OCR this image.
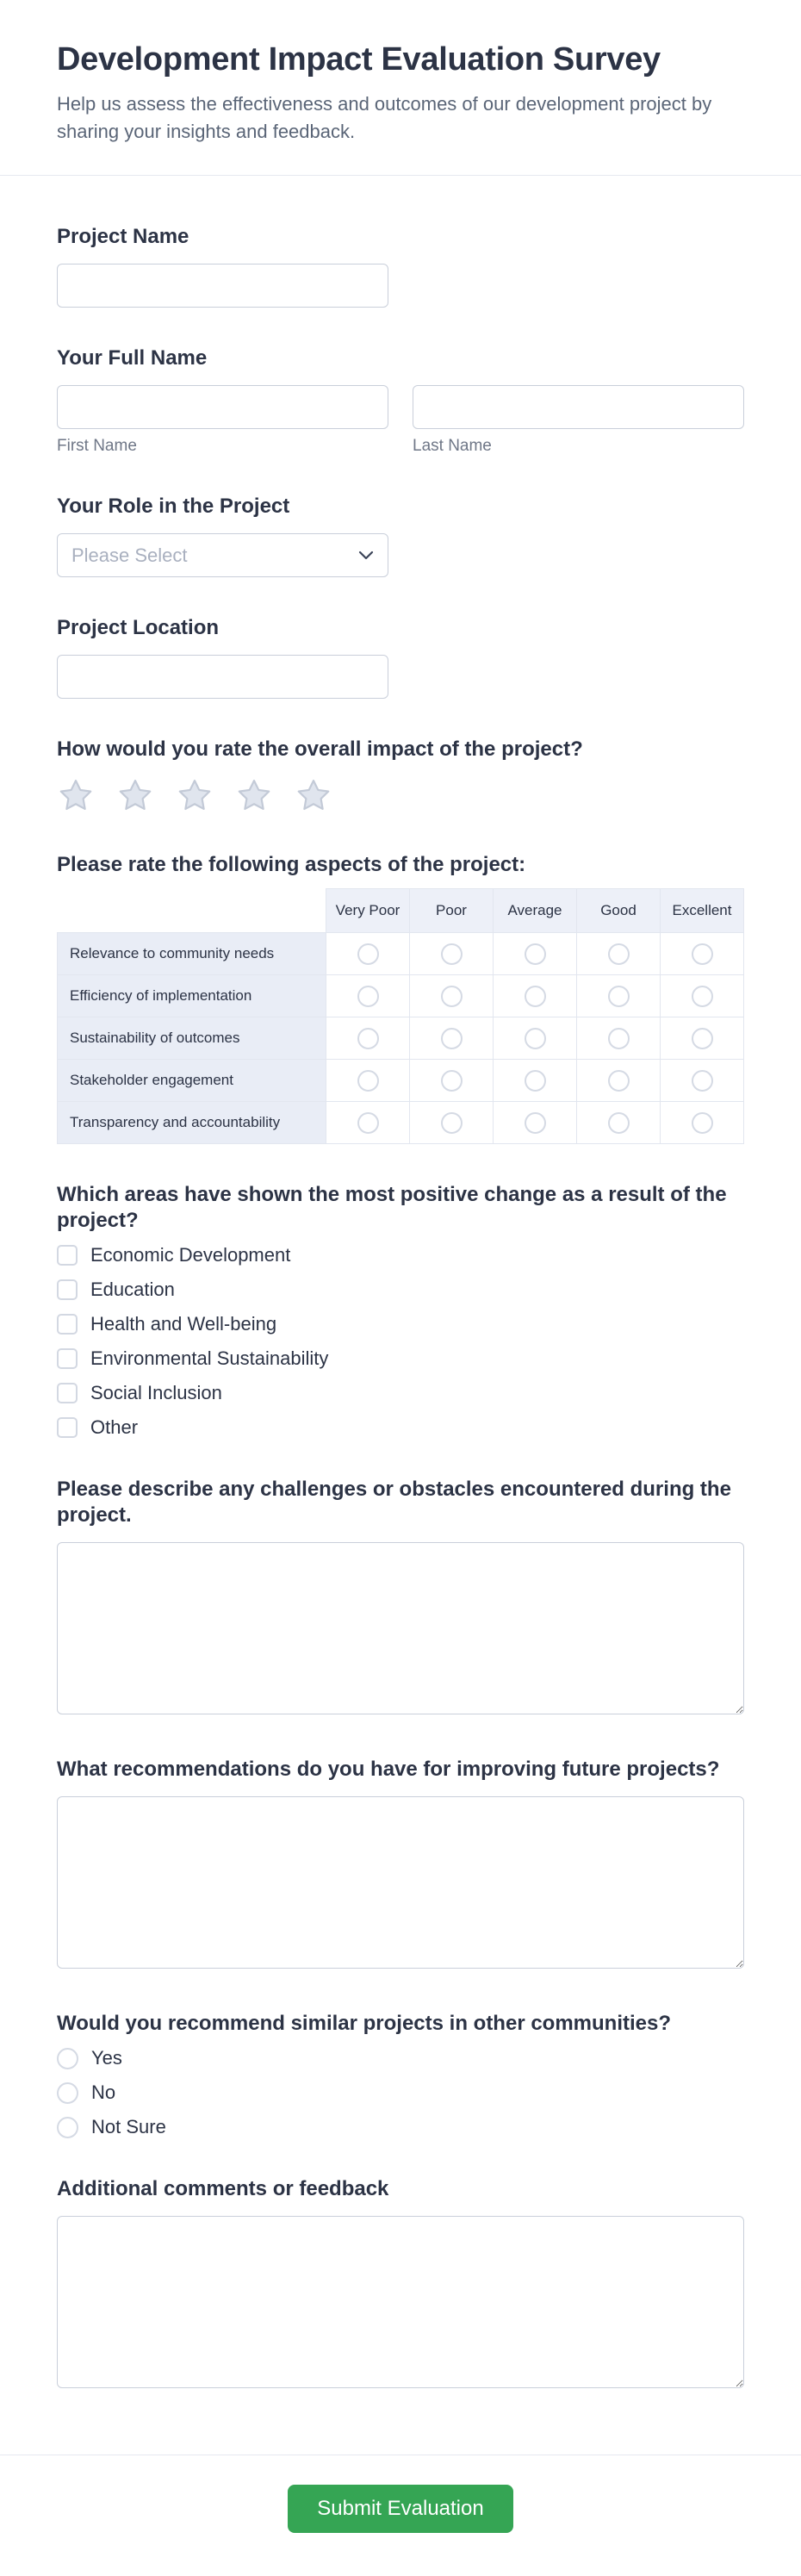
Development Impact Evaluation Survey

Help us assess the effectiveness and outcomes of our development project by sharing your insights and feedback.

Project Name
Your Full Name
First Name	Last Name
Your Role in the Project
Please Select
Project Location
How would you rate the overall impact of the project?
Please rate the following aspects of the project:
	Very Poor	Poor	Average	Good	Excellent
Relevance to community needs					
Efficiency of implementation					
Sustainability of outcomes					
Stakeholder engagement					
Transparency and accountability					
Which areas have shown the most positive change as a result of the project?
Economic Development
Education
Health and Well-being
Environmental Sustainability
Social Inclusion
Other
Please describe any challenges or obstacles encountered during the project.
What recommendations do you have for improving future projects?
Would you recommend similar projects in other communities?
Yes
No
Not Sure
Additional comments or feedback
Submit Evaluation
